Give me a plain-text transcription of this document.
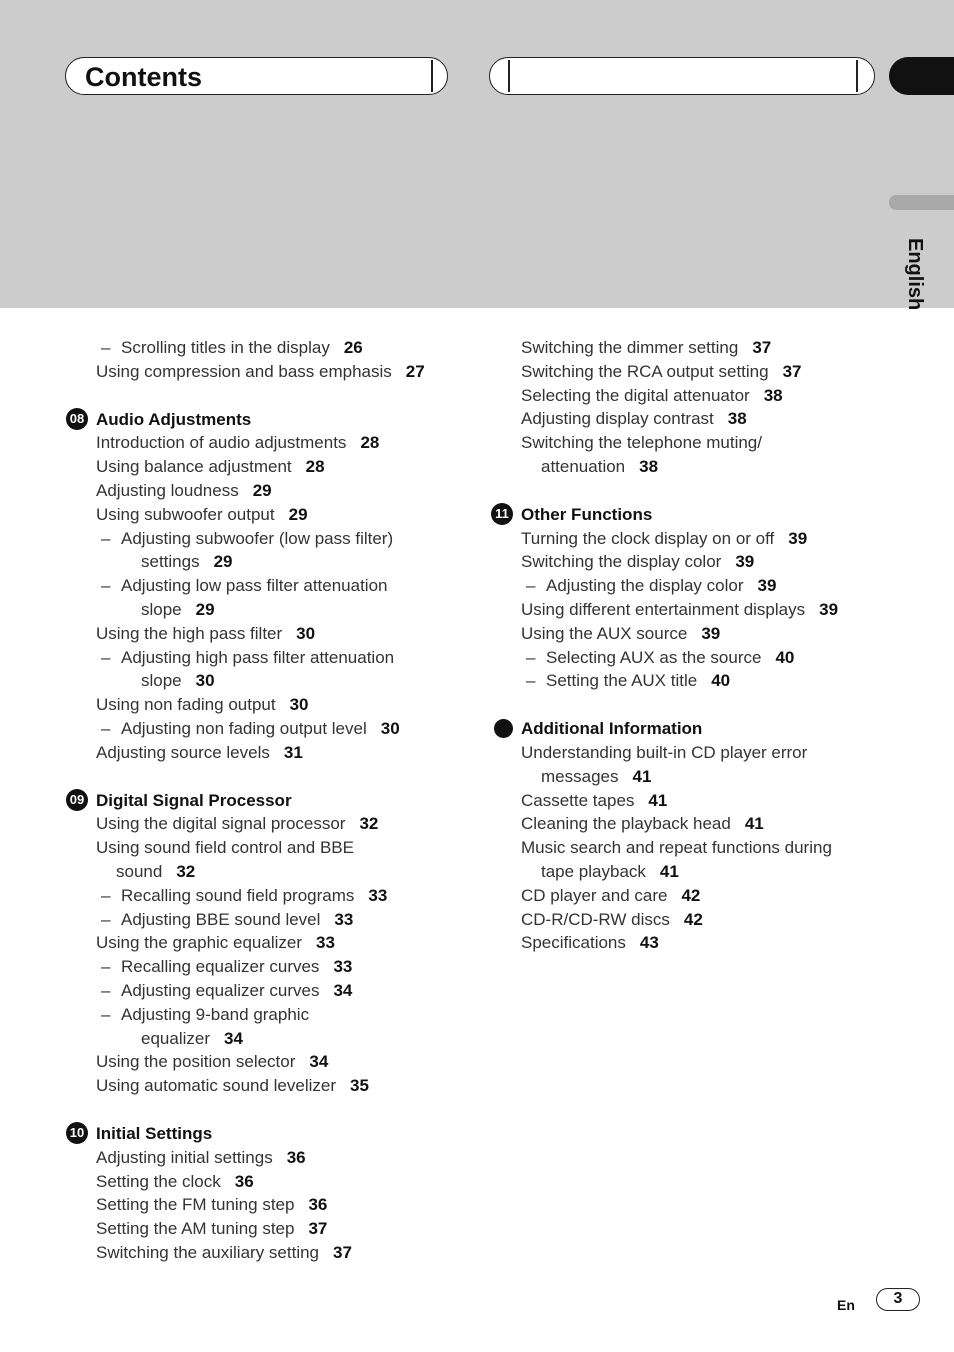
Contents
English
– Scrolling titles in the display 26
Using compression and bass emphasis 27
08 Audio Adjustments
Introduction of audio adjustments 28
Using balance adjustment 28
Adjusting loudness 29
Using subwoofer output 29
– Adjusting subwoofer (low pass filter)
settings 29
– Adjusting low pass filter attenuation
slope 29
Using the high pass filter 30
– Adjusting high pass filter attenuation
slope 30
Using non fading output 30
– Adjusting non fading output level 30
Adjusting source levels 31
09 Digital Signal Processor
Using the digital signal processor 32
Using sound field control and BBE
sound 32
– Recalling sound field programs 33
– Adjusting BBE sound level 33
Using the graphic equalizer 33
– Recalling equalizer curves 33
– Adjusting equalizer curves 34
– Adjusting 9-band graphic
equalizer 34
Using the position selector 34
Using automatic sound levelizer 35
10 Initial Settings
Adjusting initial settings 36
Setting the clock 36
Setting the FM tuning step 36
Setting the AM tuning step 37
Switching the auxiliary setting 37
Switching the dimmer setting 37
Switching the RCA output setting 37
Selecting the digital attenuator 38
Adjusting display contrast 38
Switching the telephone muting/
attenuation 38
11 Other Functions
Turning the clock display on or off 39
Switching the display color 39
– Adjusting the display color 39
Using different entertainment displays 39
Using the AUX source 39
– Selecting AUX as the source 40
– Setting the AUX title 40
Additional Information
Understanding built-in CD player error
messages 41
Cassette tapes 41
Cleaning the playback head 41
Music search and repeat functions during
tape playback 41
CD player and care 42
CD-R/CD-RW discs 42
Specifications 43
En	3
